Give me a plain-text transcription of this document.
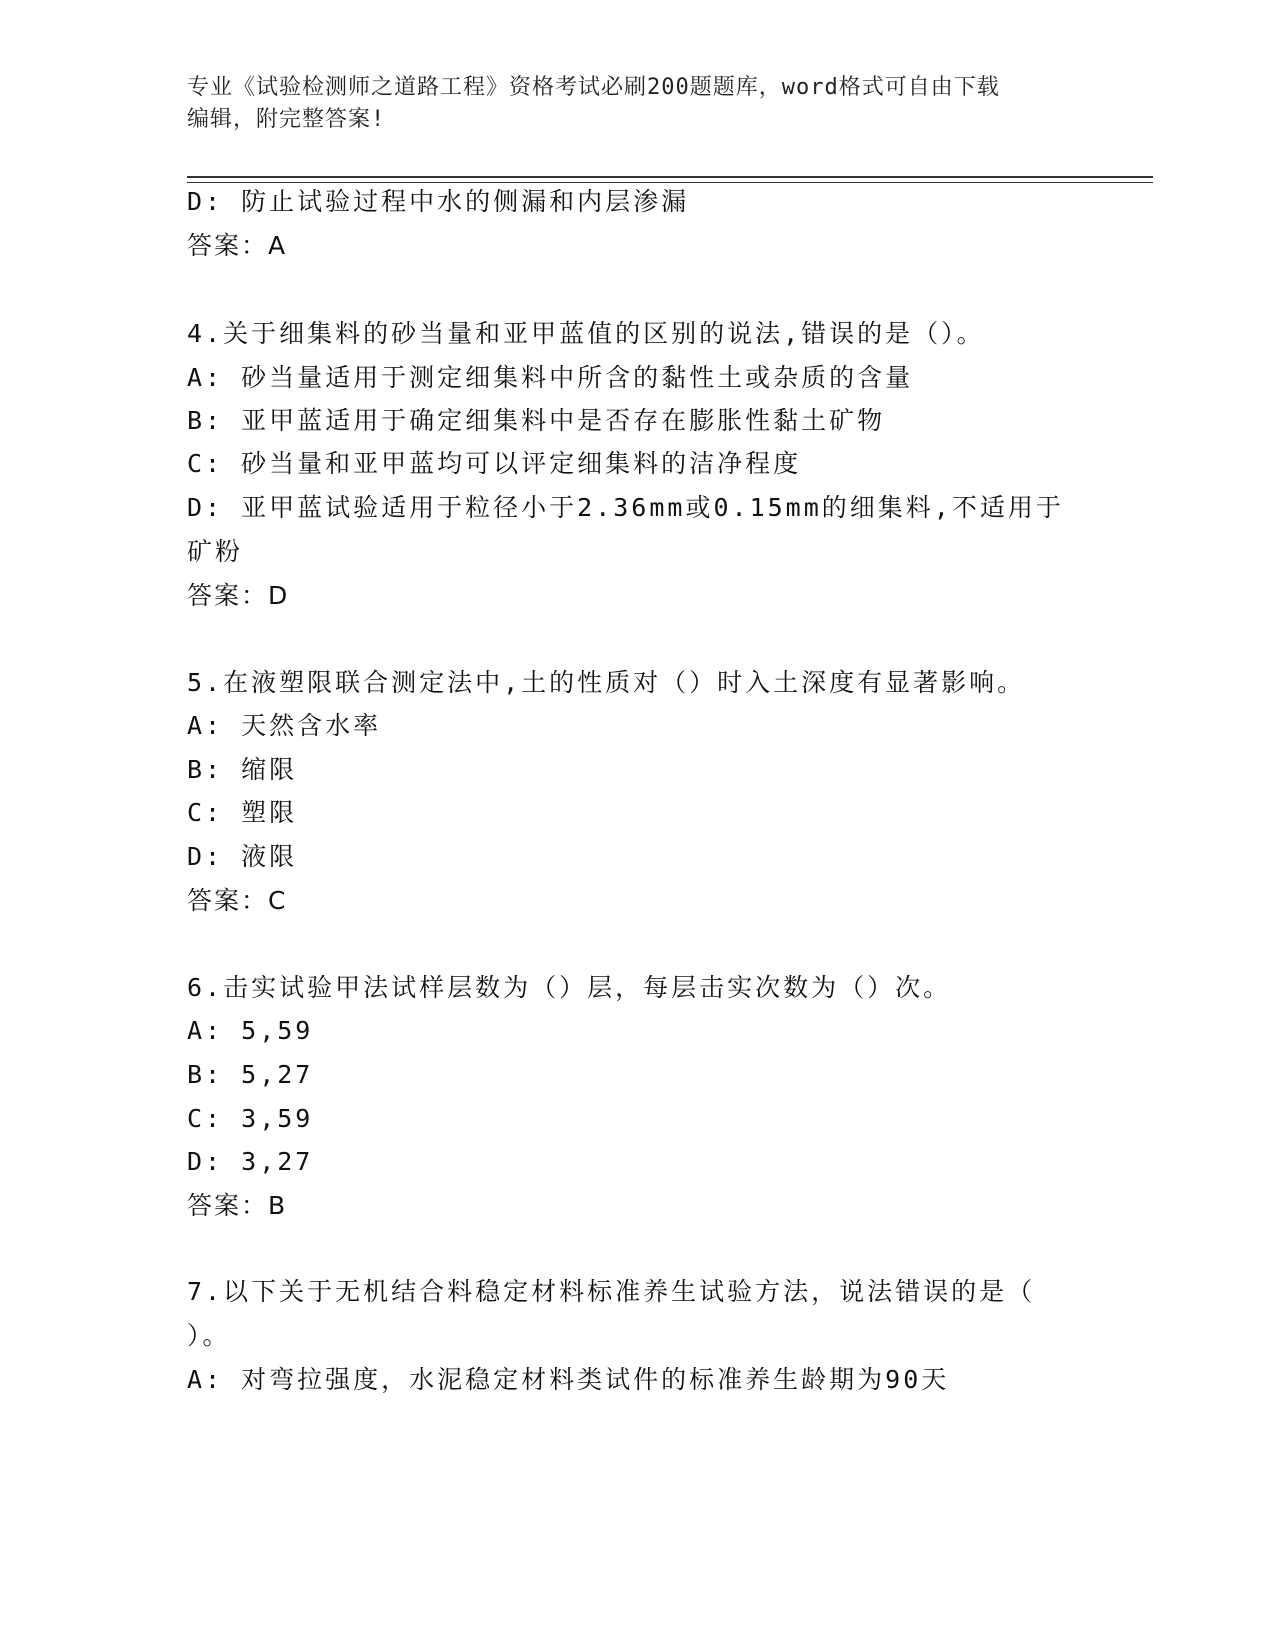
专业《试验检测师之道路工程》资格考试必刷200题题库，word格式可自由下载
编辑，附完整答案!
D: 防止试验过程中水的侧漏和内层渗漏
答案：A
4.关于细集料的砂当量和亚甲蓝值的区别的说法,错误的是（）。
A: 砂当量适用于测定细集料中所含的黏性土或杂质的含量
B: 亚甲蓝适用于确定细集料中是否存在膨胀性黏土矿物
C: 砂当量和亚甲蓝均可以评定细集料的洁净程度
D: 亚甲蓝试验适用于粒径小于2.36mm或0.15mm的细集料,不适用于
矿粉
答案：D
5.在液塑限联合测定法中,土的性质对（）时入土深度有显著影响。
A: 天然含水率
B: 缩限
C: 塑限
D: 液限
答案：C
6.击实试验甲法试样层数为（）层，每层击实次数为（）次。
A: 5,59
B: 5,27
C: 3,59
D: 3,27
答案：B
7.以下关于无机结合料稳定材料标准养生试验方法，说法错误的是（
）。
A: 对弯拉强度，水泥稳定材料类试件的标准养生龄期为90天
